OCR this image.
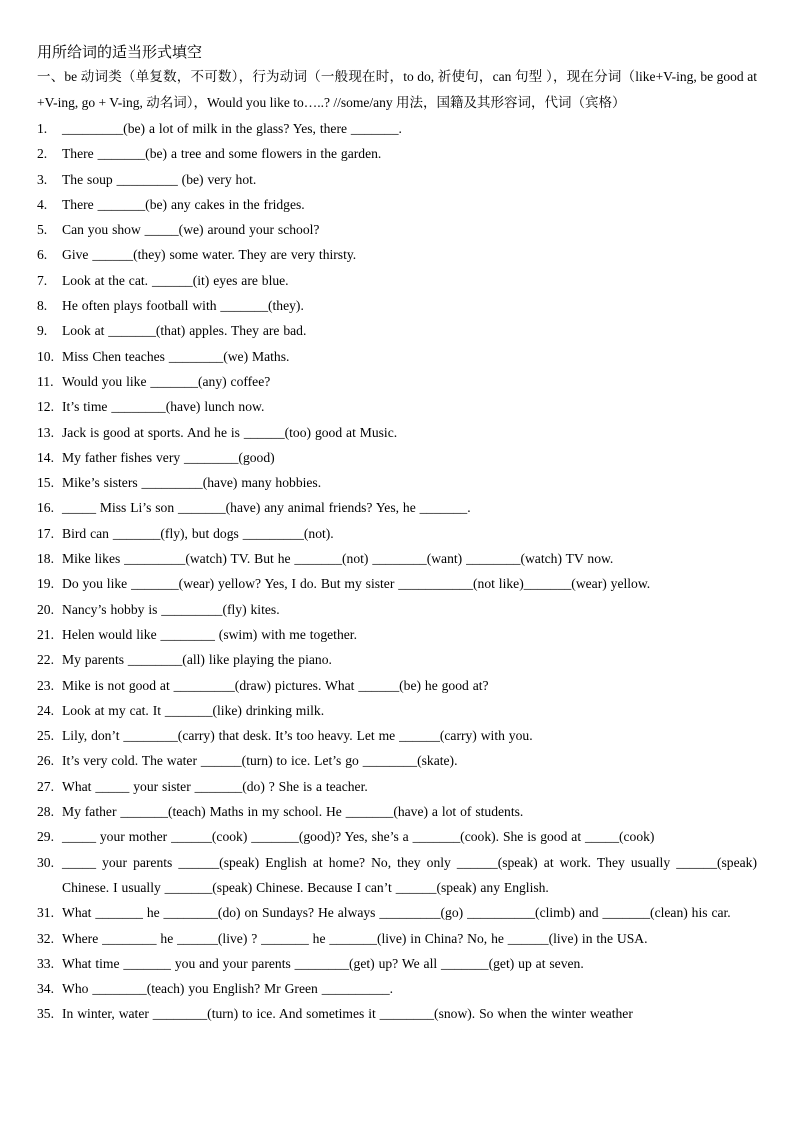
用所给词的适当形式填空

一、be 动词类（单复数，不可数），行为动词（一般现在时，to do, 祈使句，can 句型 ），现在分词（like+V-ing, be good at +V-ing, go + V-ing, 动名词），Would you like to…..? //some/any 用法，国籍及其形容词，代词（宾格）

1.	_________(be) a lot of milk in the glass? Yes, there _______.
2.	There _______(be) a tree and some flowers in the garden.
3.	The soup _________ (be) very hot.
4.	There _______(be) any cakes in the fridges.
5.	Can you show _____(we) around your school?
6.	Give ______(they) some water. They are very thirsty.
7.	Look at the cat. ______(it) eyes are blue.
8.	He often plays football with _______(they).
9.	Look at _______(that) apples. They are bad.
10. Miss Chen teaches ________(we) Maths.
11. Would you like _______(any) coffee?
12. It’s time ________(have) lunch now.
13. Jack is good at sports. And he is ______(too) good at Music.
14. My father fishes very ________(good)
15. Mike’s sisters _________(have) many hobbies.
16. _____ Miss Li’s son _______(have) any animal friends? Yes, he _______.
17. Bird can _______(fly), but dogs _________(not).
18. Mike likes _________(watch) TV. But he _______(not) ________(want) ________(watch) TV now.
19. Do you like _______(wear) yellow? Yes, I do. But my sister ___________(not like)_______(wear) yellow.
20. Nancy’s hobby is _________(fly) kites.
21. Helen would like ________ (swim) with me together.
22. My parents ________(all) like playing the piano.
23. Mike is not good at _________(draw) pictures. What ______(be) he good at?
24. Look at my cat. It _______(like) drinking milk.
25. Lily, don’t ________(carry) that desk. It’s too heavy. Let me ______(carry) with you.
26. It’s very cold. The water ______(turn) to ice. Let’s go ________(skate).
27. What _____ your sister _______(do) ? She is a teacher.
28. My father _______(teach) Maths in my school. He _______(have) a lot of students.
29. _____ your mother ______(cook) _______(good)? Yes, she’s a _______(cook). She is good at _____(cook)
30. _____ your parents ______(speak) English at home? No, they only ______(speak) at work. They usually ______(speak) Chinese. I usually _______(speak) Chinese. Because I can’t ______(speak) any English.
31. What _______ he ________(do) on Sundays? He always _________(go) __________(climb) and _______(clean) his car.
32. Where ________ he ______(live) ? _______ he _______(live) in China? No, he ______(live) in the USA.
33. What time _______ you and your parents ________(get) up? We all _______(get) up at seven.
34. Who ________(teach) you English? Mr Green __________.
35. In winter, water ________(turn) to ice. And sometimes it ________(snow). So when the winter weather
